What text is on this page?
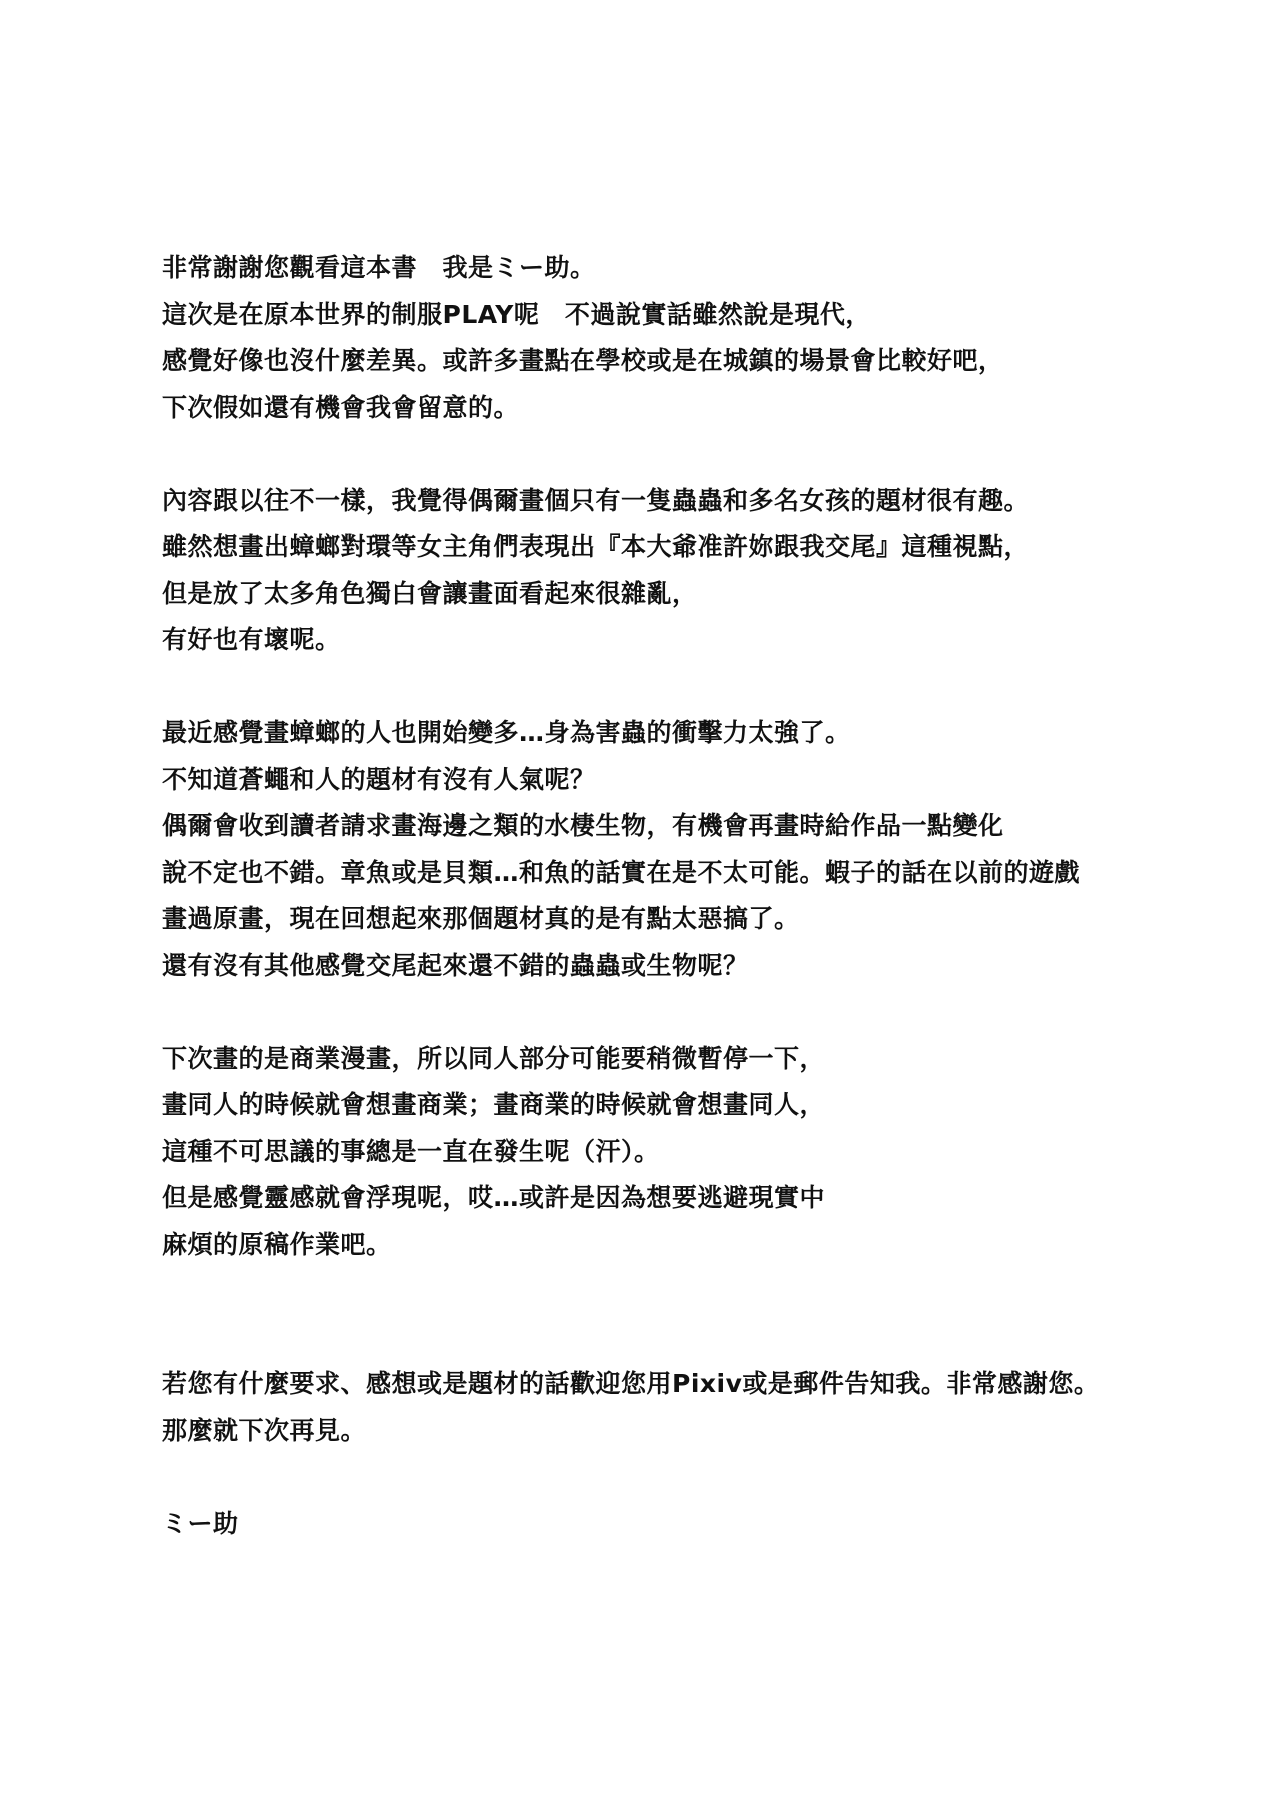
非常謝謝您觀看這本書　我是ミー助。
這次是在原本世界的制服PLAY呢　不過說實話雖然說是現代，
感覺好像也沒什麼差異。或許多畫點在學校或是在城鎮的場景會比較好吧，
下次假如還有機會我會留意的。
內容跟以往不一樣，我覺得偶爾畫個只有一隻蟲蟲和多名女孩的題材很有趣。
雖然想畫出蟑螂對環等女主角們表現出『本大爺准許妳跟我交尾』這種視點，
但是放了太多角色獨白會讓畫面看起來很雜亂，
有好也有壞呢。
最近感覺畫蟑螂的人也開始變多…身為害蟲的衝擊力太強了。
不知道蒼蠅和人的題材有沒有人氣呢？
偶爾會收到讀者請求畫海邊之類的水棲生物，有機會再畫時給作品一點變化
說不定也不錯。章魚或是貝類…和魚的話實在是不太可能。蝦子的話在以前的遊戲
畫過原畫，現在回想起來那個題材真的是有點太惡搞了。
還有沒有其他感覺交尾起來還不錯的蟲蟲或生物呢？
下次畫的是商業漫畫，所以同人部分可能要稍微暫停一下，
畫同人的時候就會想畫商業；畫商業的時候就會想畫同人，
這種不可思議的事總是一直在發生呢（汗）。
但是感覺靈感就會浮現呢，哎…或許是因為想要逃避現實中
麻煩的原稿作業吧。
若您有什麼要求、感想或是題材的話歡迎您用Pixiv或是郵件告知我。非常感謝您。
那麼就下次再見。
ミー助
